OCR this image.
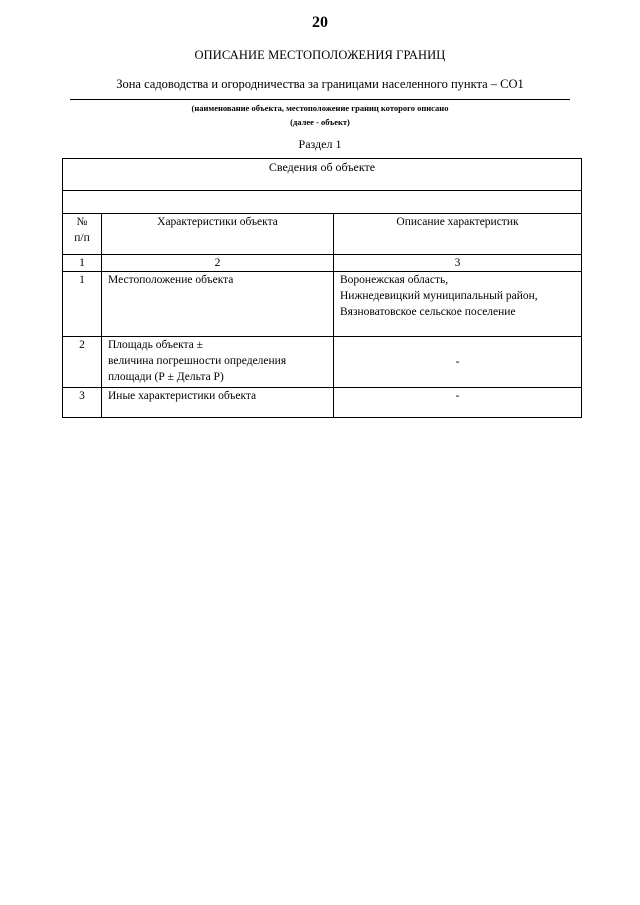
20
ОПИСАНИЕ МЕСТОПОЛОЖЕНИЯ ГРАНИЦ
Зона садоводства и огородничества за границами населенного пункта – СО1
(наименование объекта, местоположение границ которого описано
(далее - объект)
Раздел 1
Сведения об объекте		

№
п/п	Характеристики объекта	Описание характеристик
1	2	3
1	Местоположение объекта	Воронежская область,
Нижнедевицкий муниципальный район,
Вязноватовское сельское поселение

2	Площадь объекта ±
величина погрешности определения
площади (Р ± Дельта Р)	-
3	Иные характеристики объекта	-
